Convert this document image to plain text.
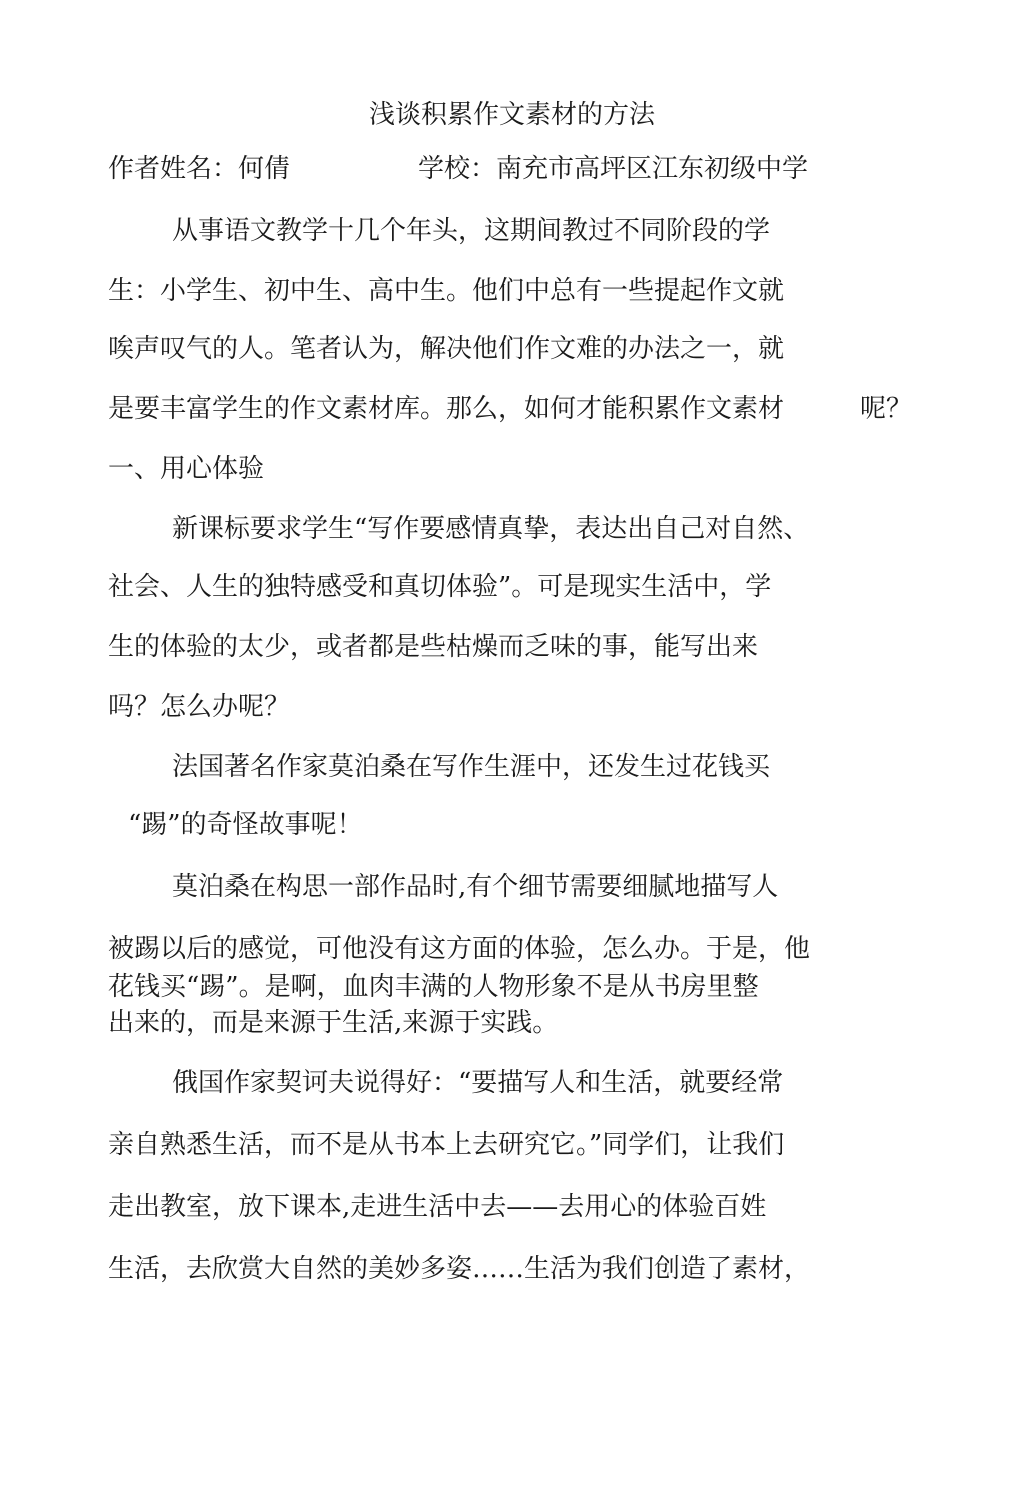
浅谈积累作文素材的方法
作者姓名：何倩	学校：南充市高坪区江东初级中学
从事语文教学十几个年头，这期间教过不同阶段的学
生：小学生、初中生、高中生。他们中总有一些提起作文就
唉声叹气的人。笔者认为，解决他们作文难的办法之一，就
是要丰富学生的作文素材库。那么，如何才能积累作文素材	呢？
一、用心体验
新课标要求学生“写作要感情真挚，表达出自己对自然、
社会、人生的独特感受和真切体验”。可是现实生活中，学
生的体验的太少，或者都是些枯燥而乏味的事，能写出来
吗？怎么办呢？
法国著名作家莫泊桑在写作生涯中，还发生过花钱买
“踢”的奇怪故事呢！
莫泊桑在构思一部作品时,有个细节需要细腻地描写人
被踢以后的感觉，可他没有这方面的体验，怎么办。于是，他
花钱买“踢”。是啊，血肉丰满的人物形象不是从书房里整
出来的，而是来源于生活,来源于实践。
俄国作家契诃夫说得好：“要描写人和生活，就要经常
亲自熟悉生活，而不是从书本上去研究它。”同学们，让我们
走出教室，放下课本,走进生活中去——去用心的体验百姓
生活，去欣赏大自然的美妙多姿……生活为我们创造了素材，
